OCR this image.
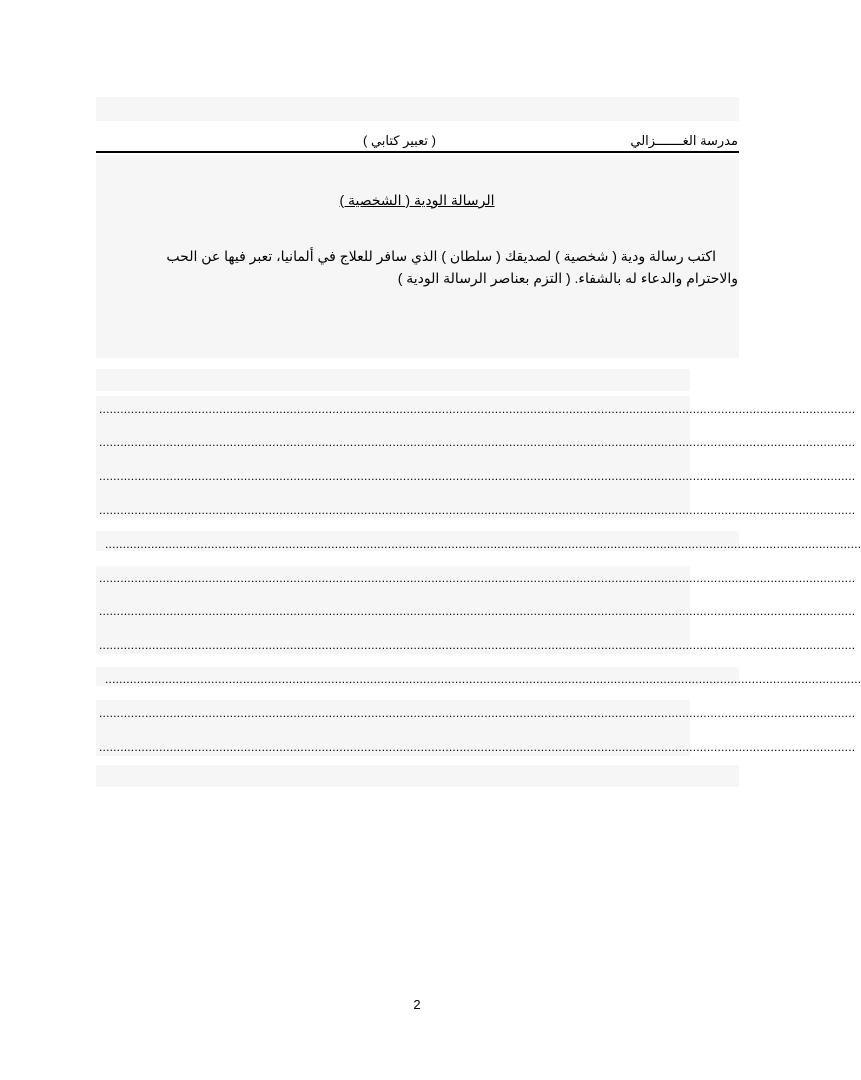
مدرسة الغـــــــزالي
( تعبير كتابي )
الرسالة الودية ( الشخصية )
اكتب رسالة ودية ( شخصية ) لصديقك ( سلطان ) الذي سافر للعلاج في ألمانيا، تعبر فيها عن الحب
والاحترام والدعاء له بالشفاء. ( التزم بعناصر الرسالة الودية )
......................................................................................................................................................................................................................
......................................................................................................................................................................................................................
......................................................................................................................................................................................................................
......................................................................................................................................................................................................................
......................................................................................................................................................................................................................
......................................................................................................................................................................................................................
......................................................................................................................................................................................................................
......................................................................................................................................................................................................................
......................................................................................................................................................................................................................
......................................................................................................................................................................................................................
......................................................................................................................................................................................................................
2
